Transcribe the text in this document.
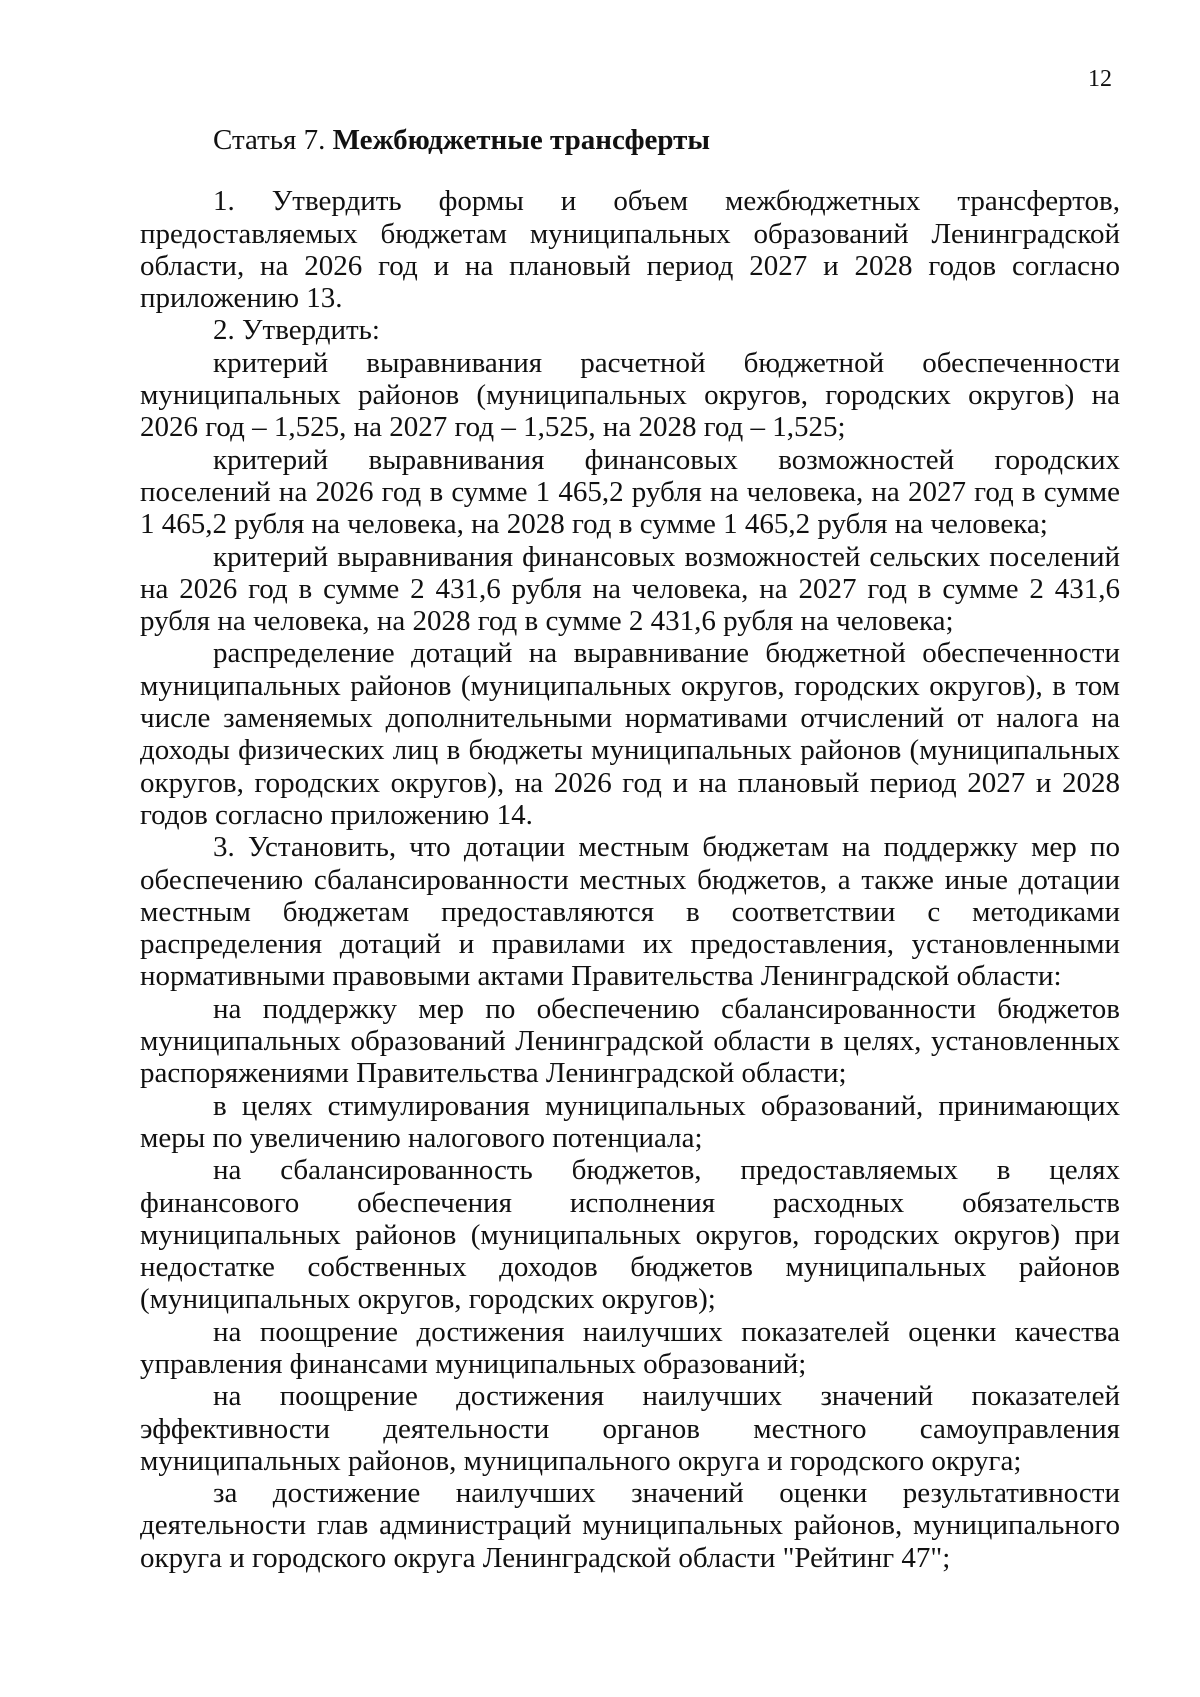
12
Статья 7. Межбюджетные трансферты

1. Утвердить формы и объем межбюджетных трансфертов, предоставляемых бюджетам муниципальных образований Ленинградской области, на 2026 год и на плановый период 2027 и 2028 годов согласно приложению 13.

2. Утвердить:

критерий выравнивания расчетной бюджетной обеспеченности муниципальных районов (муниципальных округов, городских округов) на 2026 год – 1,525, на 2027 год – 1,525, на 2028 год – 1,525;

критерий выравнивания финансовых возможностей городских поселений на 2026 год в сумме 1 465,2 рубля на человека, на 2027 год в сумме 1 465,2 рубля на человека, на 2028 год в сумме 1 465,2 рубля на человека;

критерий выравнивания финансовых возможностей сельских поселений на 2026 год в сумме 2 431,6 рубля на человека, на 2027 год в сумме 2 431,6 рубля на человека, на 2028 год в сумме 2 431,6 рубля на человека;

распределение дотаций на выравнивание бюджетной обеспеченности муниципальных районов (муниципальных округов, городских округов), в том числе заменяемых дополнительными нормативами отчислений от налога на доходы физических лиц в бюджеты муниципальных районов (муниципальных округов, городских округов), на 2026 год и на плановый период 2027 и 2028 годов согласно приложению 14.

3. Установить, что дотации местным бюджетам на поддержку мер по обеспечению сбалансированности местных бюджетов, а также иные дотации местным бюджетам предоставляются в соответствии с методиками распределения дотаций и правилами их предоставления, установленными нормативными правовыми актами Правительства Ленинградской области:

на поддержку мер по обеспечению сбалансированности бюджетов муниципальных образований Ленинградской области в целях, установленных распоряжениями Правительства Ленинградской области;

в целях стимулирования муниципальных образований, принимающих меры по увеличению налогового потенциала;

на сбалансированность бюджетов, предоставляемых в целях финансового обеспечения исполнения расходных обязательств муниципальных районов (муниципальных округов, городских округов) при недостатке собственных доходов бюджетов муниципальных районов (муниципальных округов, городских округов);

на поощрение достижения наилучших показателей оценки качества управления финансами муниципальных образований;

на поощрение достижения наилучших значений показателей эффективности деятельности органов местного самоуправления муниципальных районов, муниципального округа и городского округа;

за достижение наилучших значений оценки результативности деятельности глав администраций муниципальных районов, муниципального округа и городского округа Ленинградской области "Рейтинг 47";
